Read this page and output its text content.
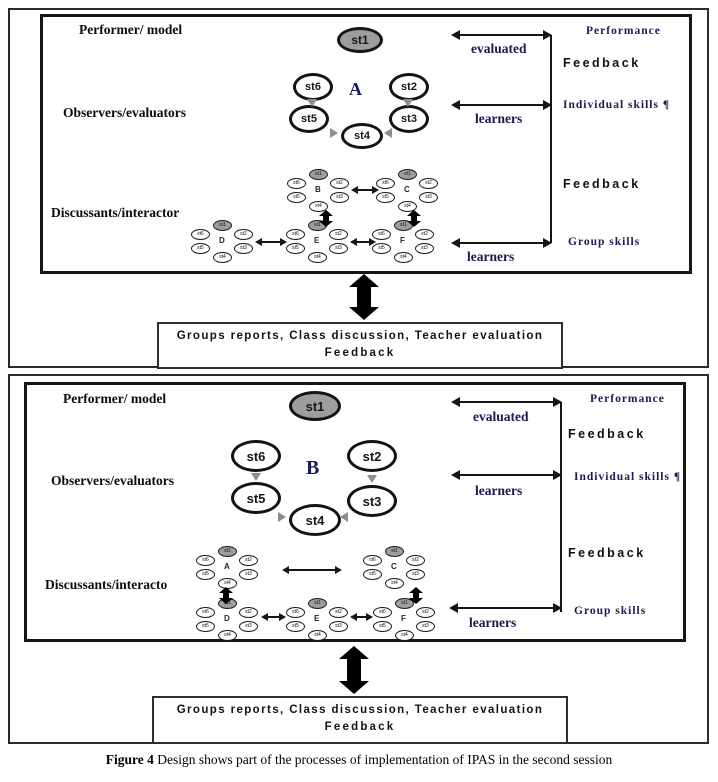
Performer/ model
Observers/evaluators
Discussants/interactor
st1
st6	st2
A
st5	st3
st4
evaluated
learners
learners
Performance
Feedback
Individual skills ¶
Feedback
Group skills
st1
st6	st2
st5	st3
st4
B
st1
st6	st2
st5	st3
st4
C
st1
st6	st2
st5	st3
st4
D
st1
st6	st2
st5	st3
st4
E
st1
st6	st2
st5	st3
st4
F
Groups reports, Class discussion, Teacher evaluation
Feedback
Performer/ model
Observers/evaluators
Discussants/interacto
st1
st6	st2
B
st5	st3
st4
evaluated
learners
learners
Performance
Feedback
Individual skills ¶
Feedback
Group skills
st1
st6	st2
st5	st3
st4
A
st1
st6	st2
st5	st3
st4
C
st1
st6	st2
st5	st3
st4
D
st1
st6	st2
st5	st3
st4
E
st1
st6	st2
st5	st3
st4
F
Groups reports, Class discussion, Teacher evaluation
Feedback
Figure 4 Design shows part of the processes of implementation of IPAS in the second session
